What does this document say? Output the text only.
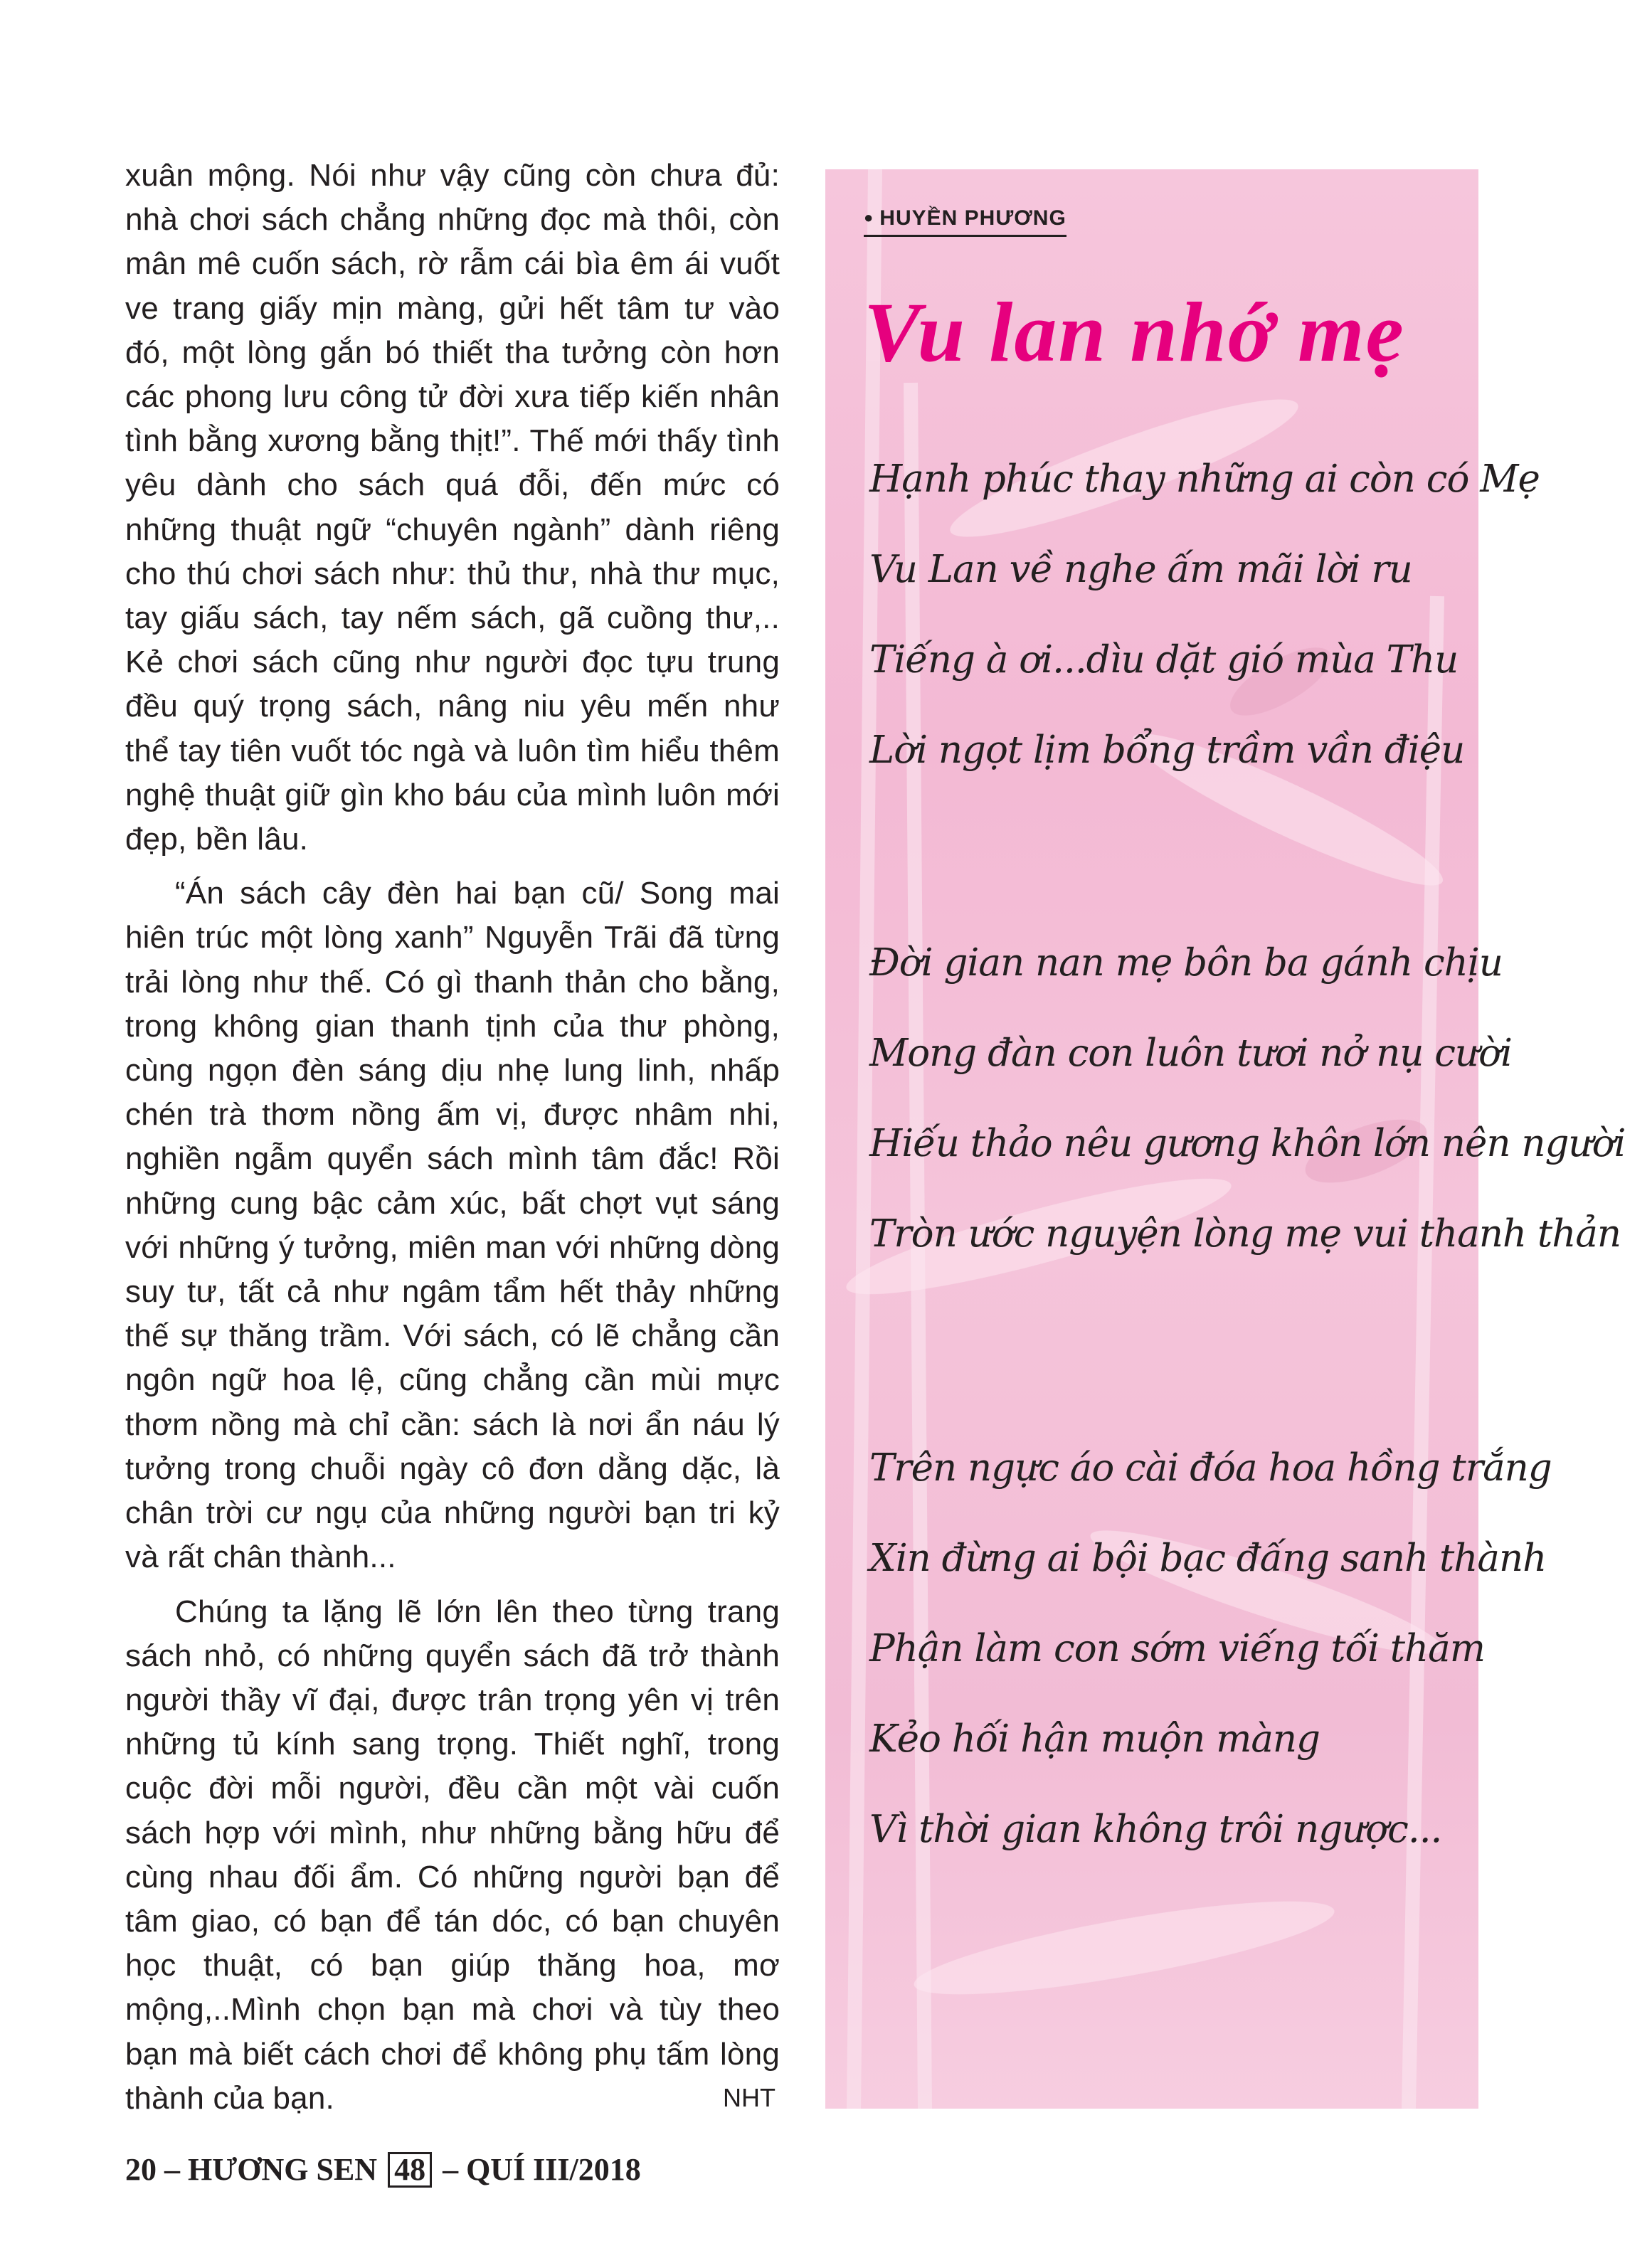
xuân mộng. Nói như vậy cũng còn chưa đủ: nhà chơi sách chẳng những đọc mà thôi, còn mân mê cuốn sách, rờ rẫm cái bìa êm ái vuốt ve trang giấy mịn màng, gửi hết tâm tư vào đó, một lòng gắn bó thiết tha tưởng còn hơn các phong lưu công tử đời xưa tiếp kiến nhân tình bằng xương bằng thịt!”. Thế mới thấy tình yêu dành cho sách quá đỗi, đến mức có những thuật ngữ “chuyên ngành” dành riêng cho thú chơi sách như: thủ thư, nhà thư mục, tay giấu sách, tay nếm sách, gã cuồng thư,.. Kẻ chơi sách cũng như người đọc tựu trung đều quý trọng sách, nâng niu yêu mến như thể tay tiên vuốt tóc ngà và luôn tìm hiểu thêm nghệ thuật giữ gìn kho báu của mình luôn mới đẹp, bền lâu.

“Án sách cây đèn hai bạn cũ/ Song mai hiên trúc một lòng xanh” Nguyễn Trãi đã từng trải lòng như thế. Có gì thanh thản cho bằng, trong không gian thanh tịnh của thư phòng, cùng ngọn đèn sáng dịu nhẹ lung linh, nhấp chén trà thơm nồng ấm vị, được nhâm nhi, nghiền ngẫm quyển sách mình tâm đắc! Rồi những cung bậc cảm xúc, bất chợt vụt sáng với những ý tưởng, miên man với những dòng suy tư, tất cả như ngâm tẩm hết thảy những thế sự thăng trầm. Với sách, có lẽ chẳng cần ngôn ngữ hoa lệ, cũng chẳng cần mùi mực thơm nồng mà chỉ cần: sách là nơi ẩn náu lý tưởng trong chuỗi ngày cô đơn dằng dặc, là chân trời cư ngụ của những người bạn tri kỷ và rất chân thành...

Chúng ta lặng lẽ lớn lên theo từng trang sách nhỏ, có những quyển sách đã trở thành người thầy vĩ đại, được trân trọng yên vị trên những tủ kính sang trọng. Thiết nghĩ, trong cuộc đời mỗi người, đều cần một vài cuốn sách hợp với mình, như những bằng hữu để cùng nhau đối ẩm. Có những người bạn để tâm giao, có bạn để tán dóc, có bạn chuyên học thuật, có bạn giúp thăng hoa, mơ mộng,..Mình chọn bạn mà chơi và tùy theo bạn mà biết cách chơi để không phụ tấm lòng thành của bạn.	NHT
● HUYỀN PHƯƠNG
Vu lan nhớ mẹ
Hạnh phúc thay những ai còn có Mẹ
Vu Lan về nghe ấm mãi lời ru
Tiếng à ơi...dìu dặt gió mùa Thu
Lời ngọt lịm bổng trầm vần điệu
Đời gian nan mẹ bôn ba gánh chịu
Mong đàn con luôn tươi nở nụ cười
Hiếu thảo nêu gương khôn lớn nên người
Tròn ước nguyện lòng mẹ vui thanh thản
Trên ngực áo cài đóa hoa hồng trắng
Xin đừng ai bội bạc đấng sanh thành
Phận làm con sớm viếng tối thăm
Kẻo hối hận muộn màng
Vì thời gian không trôi ngược...
20 – HƯƠNG SEN 48 – QUÍ III/2018
